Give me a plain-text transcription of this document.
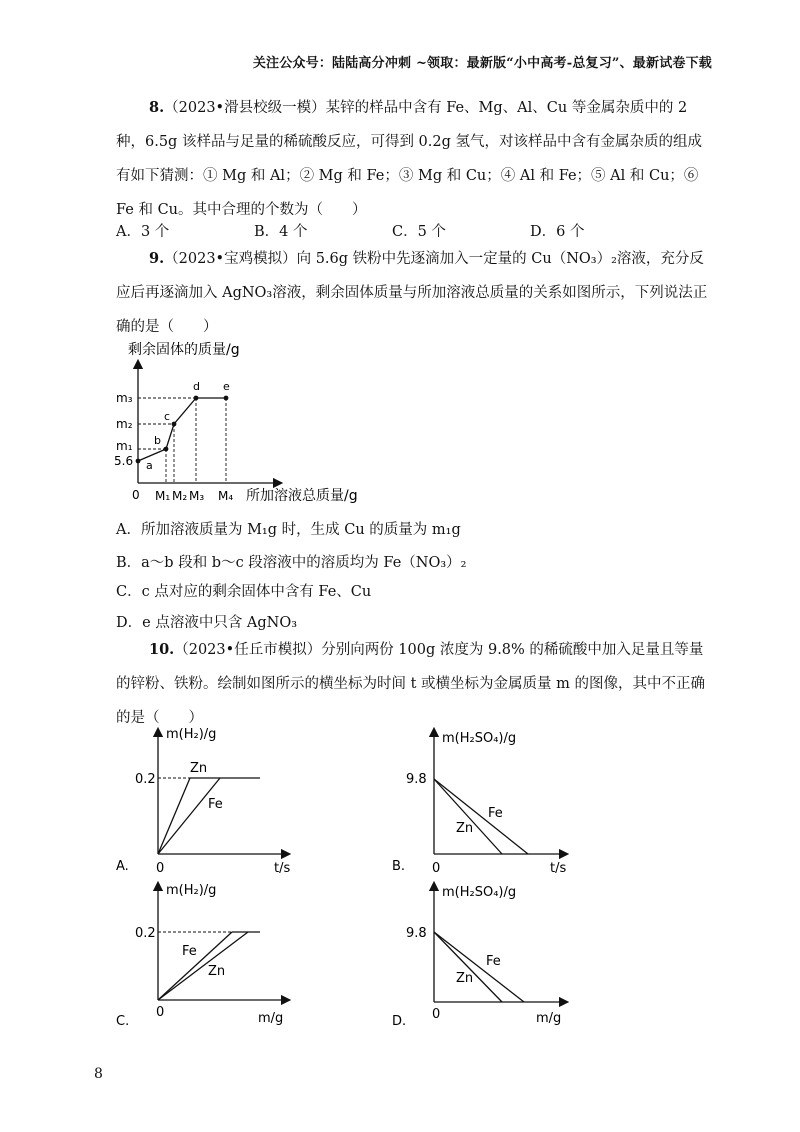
关注公众号：陆陆高分冲刺 ~领取：最新版“小中高考-总复习”、最新试卷下载
8.（2023•滑县校级一模）某锌的样品中含有 Fe、Mg、Al、Cu 等金属杂质中的 2 种，6.5g 该样品与足量的稀硫酸反应，可得到 0.2g 氢气，对该样品中含有金属杂质的组成有如下猜测：① Mg 和 Al；② Mg 和 Fe；③ Mg 和 Cu；④ Al 和 Fe；⑤ Al 和 Cu；⑥ Fe 和 Cu。其中合理的个数为（　　）
A．3 个	B．4 个	C．5 个	D．6 个
9.（2023•宝鸡模拟）向 5.6g 铁粉中先逐滴加入一定量的 Cu（NO₃）₂溶液，充分反应后再逐滴加入 AgNO₃溶液，剩余固体质量与所加溶液总质量的关系如图所示，下列说法正确的是（　　）
剩余固体的质量/g
a
b
c
d e
m₃
m₂
m₁
5.6
0 M₁ M₂ M₃ M₄ 所加溶液总质量/g
A．所加溶液质量为 M₁g 时，生成 Cu 的质量为 m₁g
B．a～b 段和 b～c 段溶液中的溶质均为 Fe（NO₃）₂
C．c 点对应的剩余固体中含有 Fe、Cu
D．e 点溶液中只含 AgNO₃
10.（2023•任丘市模拟）分别向两份 100g 浓度为 9.8% 的稀硫酸中加入足量且等量的锌粉、铁粉。绘制如图所示的横坐标为时间 t 或横坐标为金属质量 m 的图像，其中不正确的是（　　）
m(H₂)/g
0.2
Zn
Fe
0	t/s
A.
m(H₂SO₄)/g
9.8
Fe
Zn
0	t/s
B.
m(H₂)/g
0.2
Fe
Zn
0	m/g
C.
m(H₂SO₄)/g
9.8
Fe
Zn
0	m/g
D.
8
